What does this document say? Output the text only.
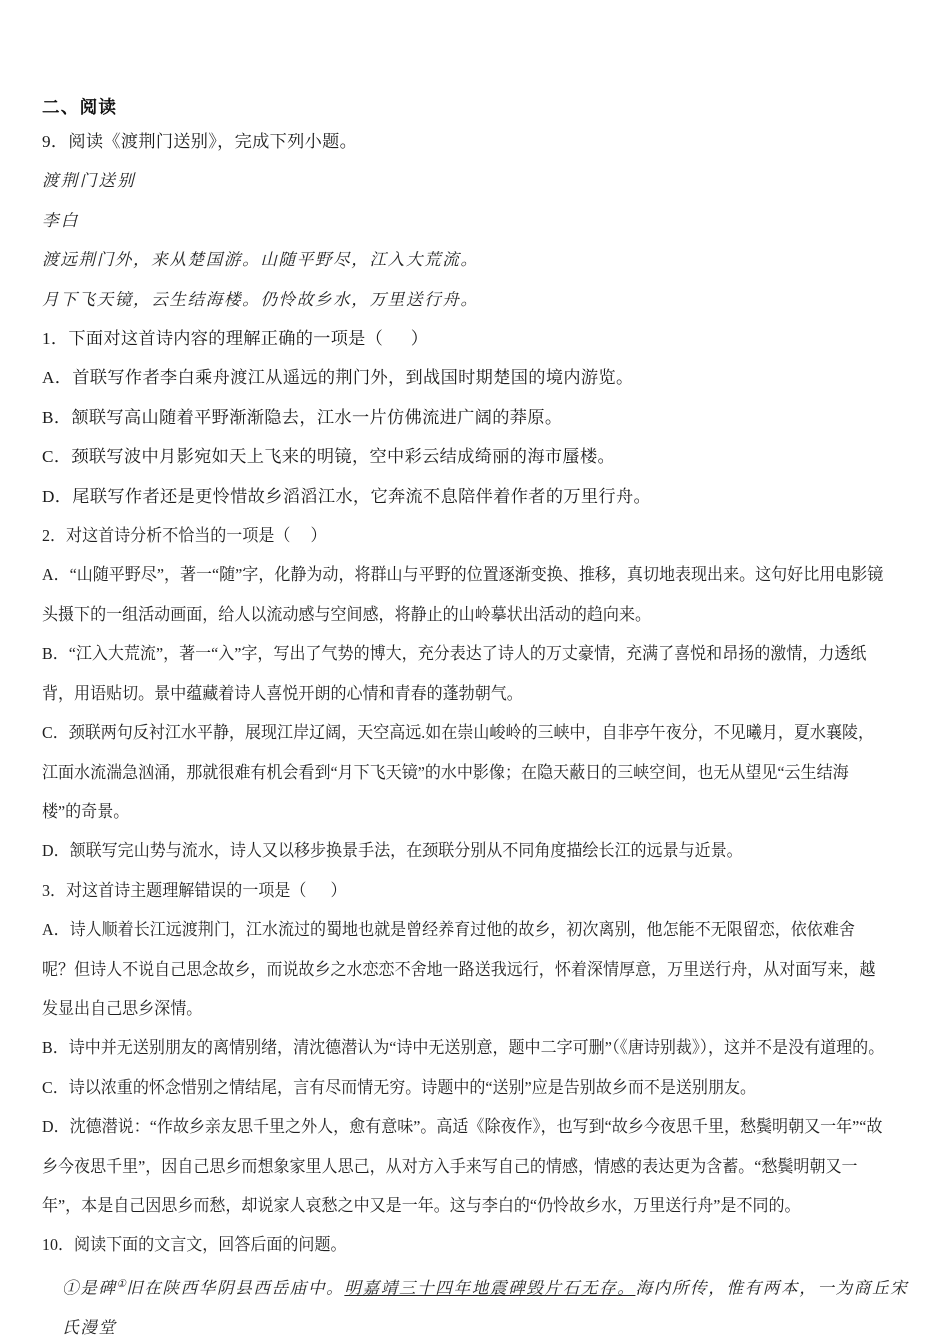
二、阅读
9．阅读《渡荆门送别》，完成下列小题。
渡荆门送别
李白
渡远荆门外，来从楚国游。山随平野尽，江入大荒流。
月下飞天镜，云生结海楼。仍怜故乡水，万里送行舟。
1．下面对这首诗内容的理解正确的一项是（      ）
A．首联写作者李白乘舟渡江从遥远的荆门外，到战国时期楚国的境内游览。
B．颔联写高山随着平野渐渐隐去，江水一片仿佛流进广阔的莽原。
C．颈联写波中月影宛如天上飞来的明镜，空中彩云结成绮丽的海市蜃楼。
D．尾联写作者还是更怜惜故乡滔滔江水，它奔流不息陪伴着作者的万里行舟。
2．对这首诗分析不恰当的一项是（     ）
A．“山随平野尽”，著一“随”字，化静为动，将群山与平野的位置逐渐变换、推移，真切地表现出来。这句好比用电影镜头摄下的一组活动画面，给人以流动感与空间感，将静止的山岭摹状出活动的趋向来。
B．“江入大荒流”，著一“入”字，写出了气势的博大，充分表达了诗人的万丈豪情，充满了喜悦和昂扬的激情，力透纸背，用语贴切。景中蕴藏着诗人喜悦开朗的心情和青春的蓬勃朝气。
C．颈联两句反衬江水平静，展现江岸辽阔，天空高远.如在崇山峻岭的三峡中，自非亭午夜分，不见曦月，夏水襄陵，江面水流湍急汹涌，那就很难有机会看到“月下飞天镜”的水中影像；在隐天蔽日的三峡空间，也无从望见“云生结海楼”的奇景。
D．颔联写完山势与流水，诗人又以移步换景手法，在颈联分别从不同角度描绘长江的远景与近景。
3．对这首诗主题理解错误的一项是（      ）
A．诗人顺着长江远渡荆门，江水流过的蜀地也就是曾经养育过他的故乡，初次离别，他怎能不无限留恋，依依难舍呢？但诗人不说自己思念故乡，而说故乡之水恋恋不舍地一路送我远行，怀着深情厚意，万里送行舟，从对面写来，越发显出自己思乡深情。
B．诗中并无送别朋友的离情别绪，清沈德潜认为“诗中无送别意，题中二字可删”（《唐诗别裁》），这并不是没有道理的。
C．诗以浓重的怀念惜别之情结尾，言有尽而情无穷。诗题中的“送别”应是告别故乡而不是送别朋友。
D．沈德潜说：“作故乡亲友思千里之外人，愈有意味”。高适《除夜作》，也写到“故乡今夜思千里，愁鬓明朝又一年”“故乡今夜思千里”，因自己思乡而想象家里人思己，从对方入手来写自己的情感，情感的表达更为含蓄。“愁鬓明朝又一年”，本是自己因思乡而愁，却说家人哀愁之中又是一年。这与李白的“仍怜故乡水，万里送行舟”是不同的。
10．阅读下面的文言文，回答后面的问题。
①是碑①旧在陕西华阴县西岳庙中。明嘉靖三十四年地震碑毁片石无存。海内所传，惟有两本，一为商丘宋氏漫堂
